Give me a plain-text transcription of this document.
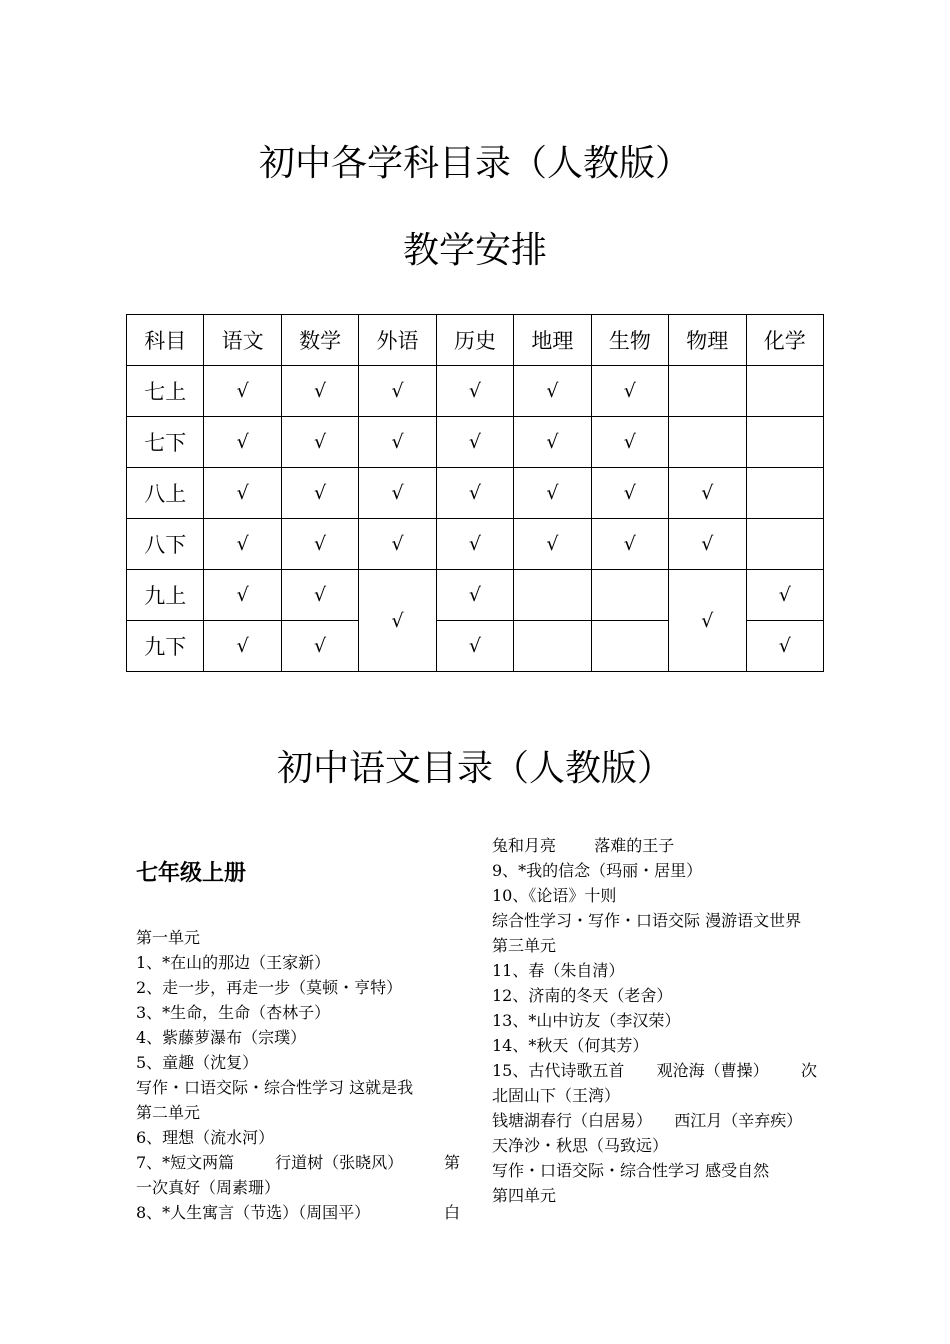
初中各学科目录（人教版）
教学安排
科目	语文	数学	外语	历史	地理	生物	物理	化学
七上	√	√	√	√	√	√		
七下	√	√	√	√	√	√		
八上	√	√	√	√	√	√	√	
八下	√	√	√	√	√	√	√	
九上	√	√	√	√			√	√
九下	√	√		√				√
初中语文目录（人教版）
七年级上册
第一单元
1、*在山的那边（王家新）
2、走一步，再走一步（莫顿・亨特）
3、*生命，生命（杏林子）
4、紫藤萝瀑布（宗璞）
5、童趣（沈复）
写作・口语交际・综合性学习 这就是我
第二单元
6、理想（流水河）
7、*短文两篇	行道树（张晓风）	第
一次真好（周素珊）
8、*人生寓言（节选）（周国平）	白
兔和月亮 落难的王子
9、*我的信念（玛丽・居里）
10、《论语》十则
综合性学习・写作・口语交际 漫游语文世界
第三单元
11、春（朱自清）
12、济南的冬天（老舍）
13、*山中访友（李汉荣）
14、*秋天（何其芳）
15、古代诗歌五首 观沧海（曹操） 次
北固山下（王湾）
钱塘湖春行（白居易） 西江月（辛弃疾）
天净沙・秋思（马致远）
写作・口语交际・综合性学习 感受自然
第四单元
